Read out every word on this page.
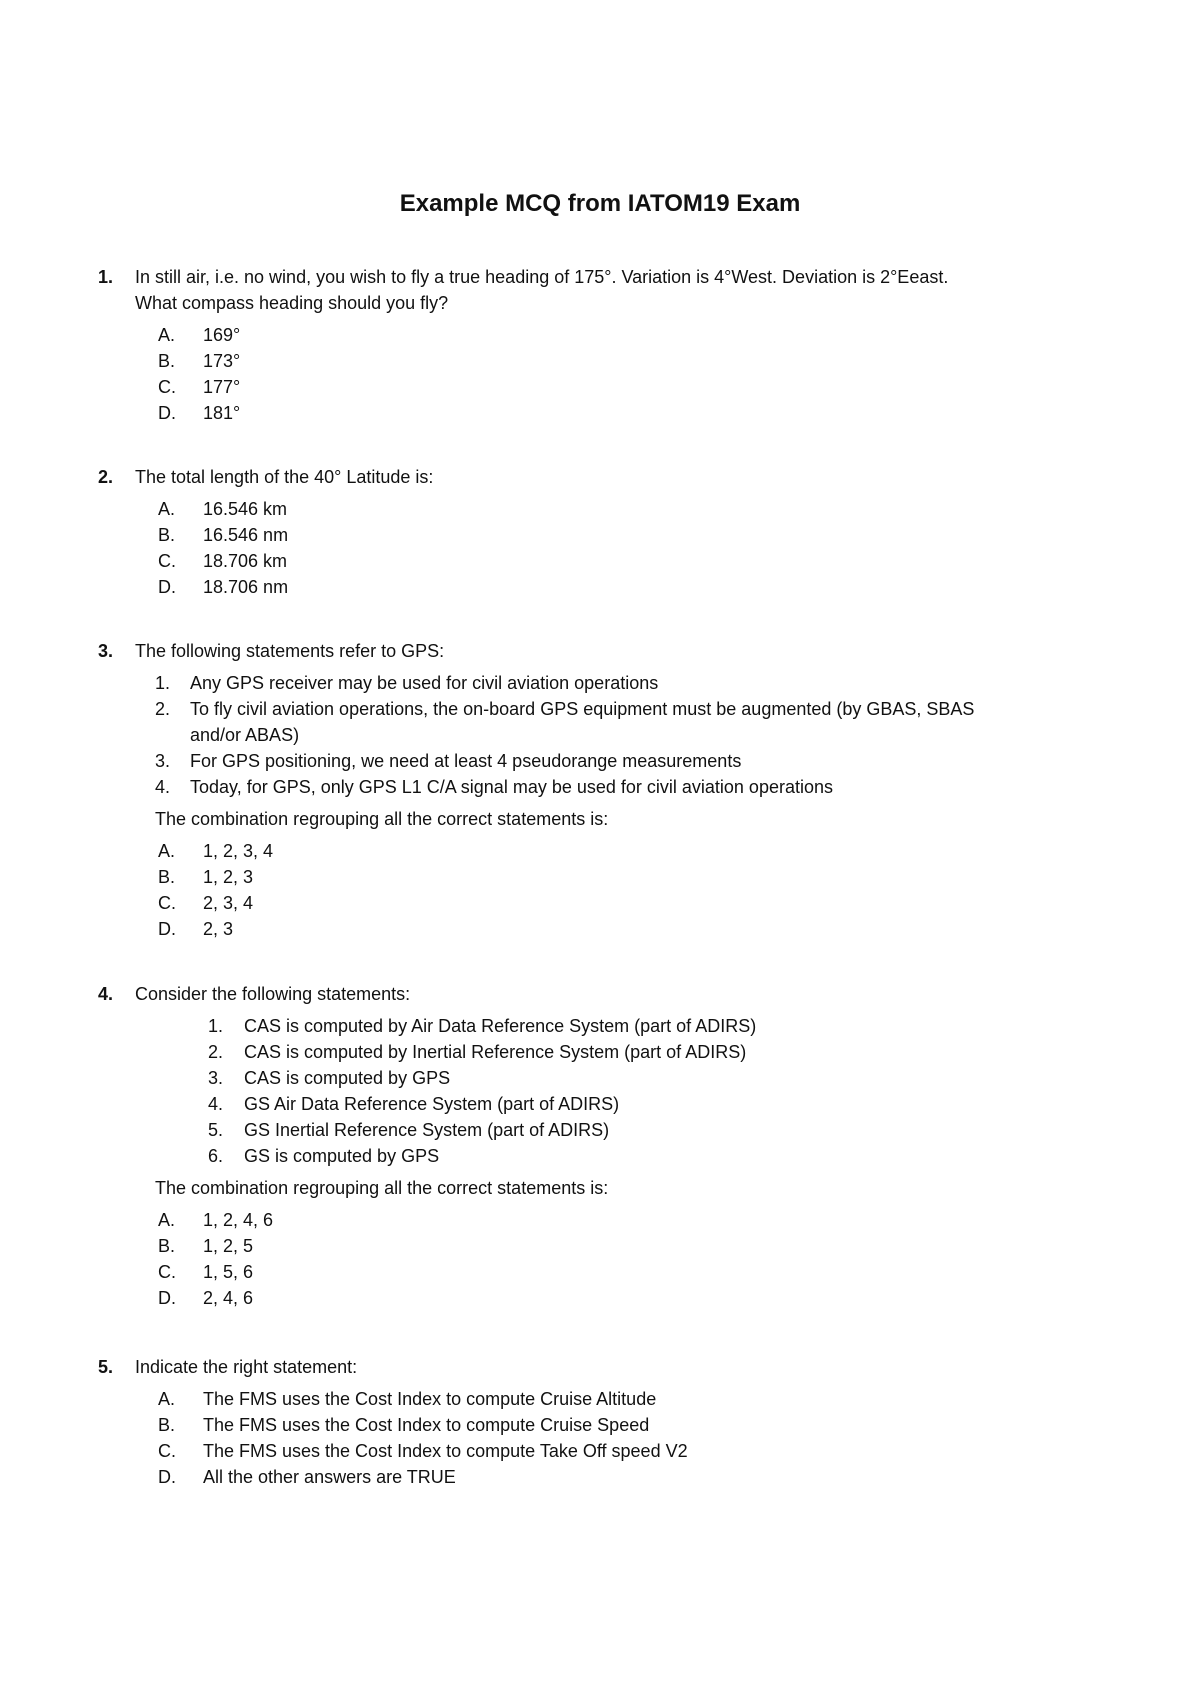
Example MCQ from IATOM19 Exam
1. In still air, i.e. no wind, you wish to fly a true heading of 175°. Variation is 4°West. Deviation is 2°Eeast.
What compass heading should you fly?
A. 169°
B. 173°
C. 177°
D. 181°
2. The total length of the 40° Latitude is:
A. 16.546 km
B. 16.546 nm
C. 18.706 km
D. 18.706 nm
3. The following statements refer to GPS:
1. Any GPS receiver may be used for civil aviation operations
2. To fly civil aviation operations, the on-board GPS equipment must be augmented (by GBAS, SBAS
and/or ABAS)
3. For GPS positioning, we need at least 4 pseudorange measurements
4. Today, for GPS, only GPS L1 C/A signal may be used for civil aviation operations
The combination regrouping all the correct statements is:
A. 1, 2, 3, 4
B. 1, 2, 3
C. 2, 3, 4
D. 2, 3
4. Consider the following statements:
1. CAS is computed by Air Data Reference System (part of ADIRS)
2. CAS is computed by Inertial Reference System (part of ADIRS)
3. CAS is computed by GPS
4. GS Air Data Reference System (part of ADIRS)
5. GS Inertial Reference System (part of ADIRS)
6. GS is computed by GPS
The combination regrouping all the correct statements is:
A. 1, 2, 4, 6
B. 1, 2, 5
C. 1, 5, 6
D. 2, 4, 6
5. Indicate the right statement:
A. The FMS uses the Cost Index to compute Cruise Altitude
B. The FMS uses the Cost Index to compute Cruise Speed
C. The FMS uses the Cost Index to compute Take Off speed V2
D. All the other answers are TRUE
